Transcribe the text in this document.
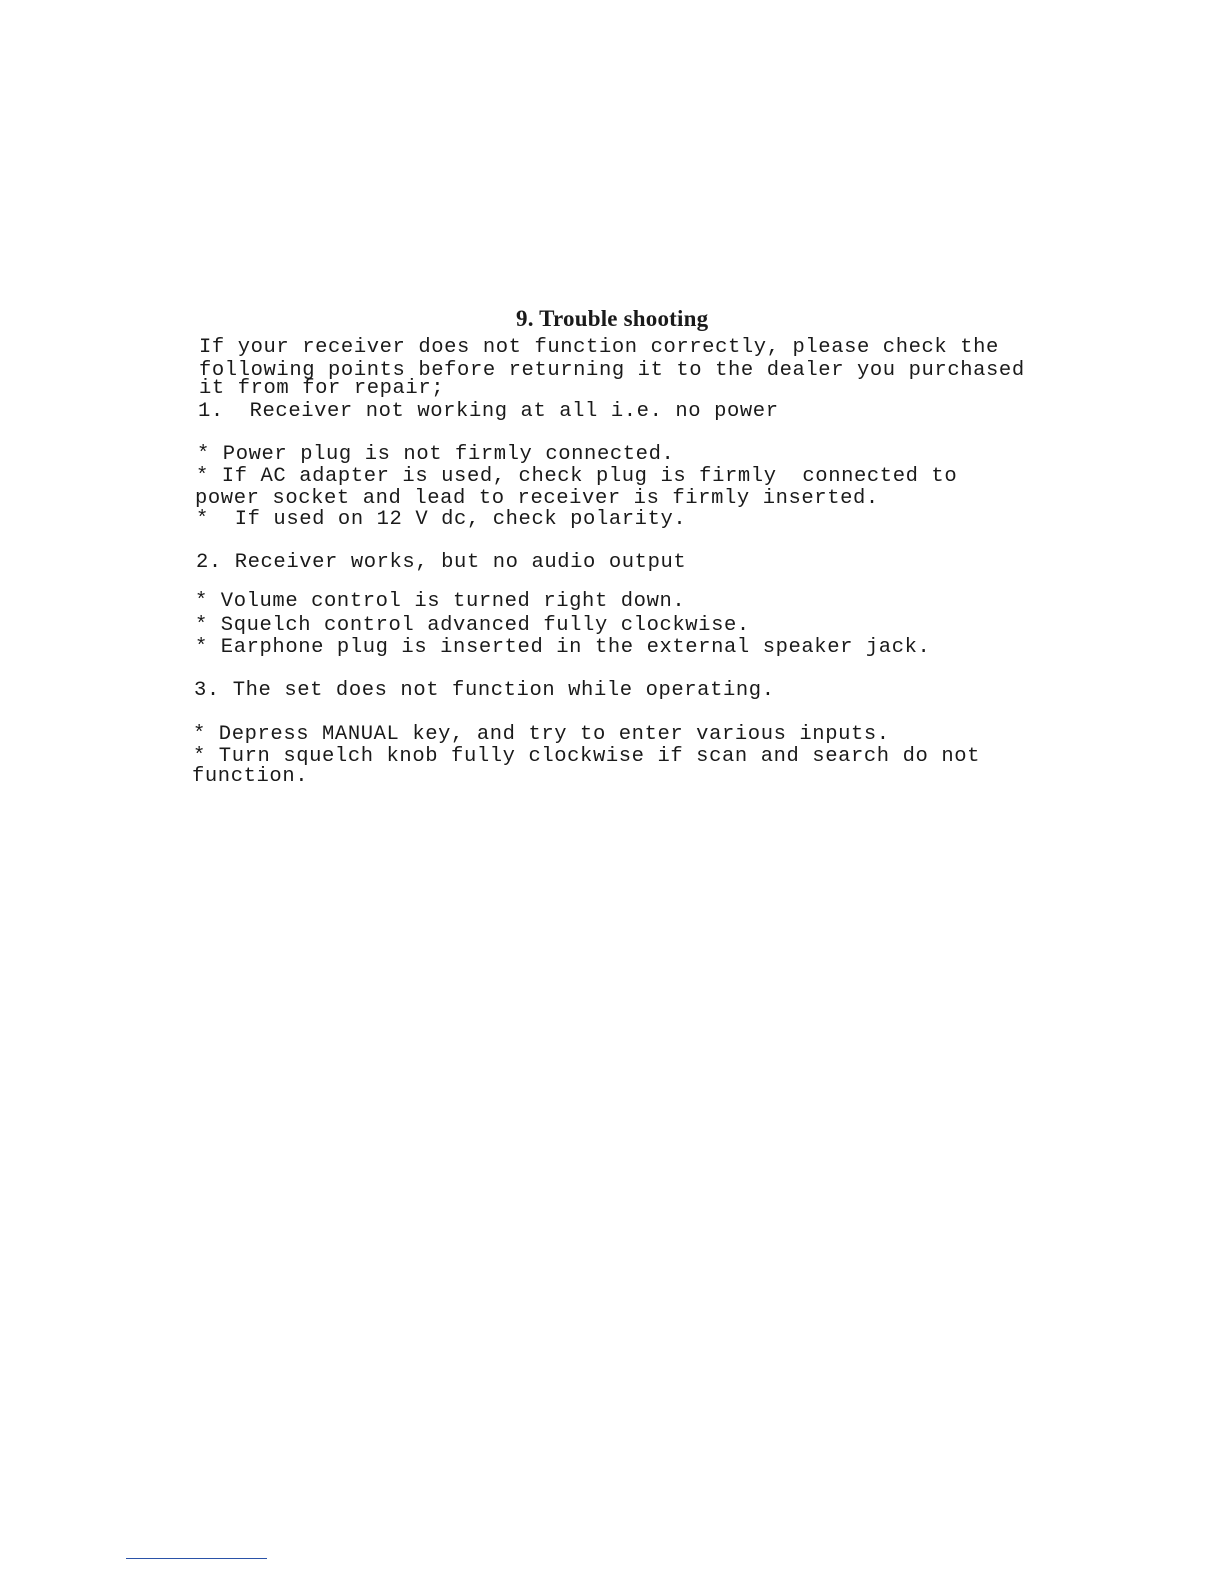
9. Trouble shooting
If your receiver does not function correctly, please check the
following points before returning it to the dealer you purchased
it from for repair;
1.  Receiver not working at all i.e. no power
* Power plug is not firmly connected.
* If AC adapter is used, check plug is firmly  connected to
power socket and lead to receiver is firmly inserted.
*  If used on 12 V dc, check polarity.
2. Receiver works, but no audio output
* Volume control is turned right down.
* Squelch control advanced fully clockwise.
* Earphone plug is inserted in the external speaker jack.
3. The set does not function while operating.
* Depress MANUAL key, and try to enter various inputs.
* Turn squelch knob fully clockwise if scan and search do not
function.
